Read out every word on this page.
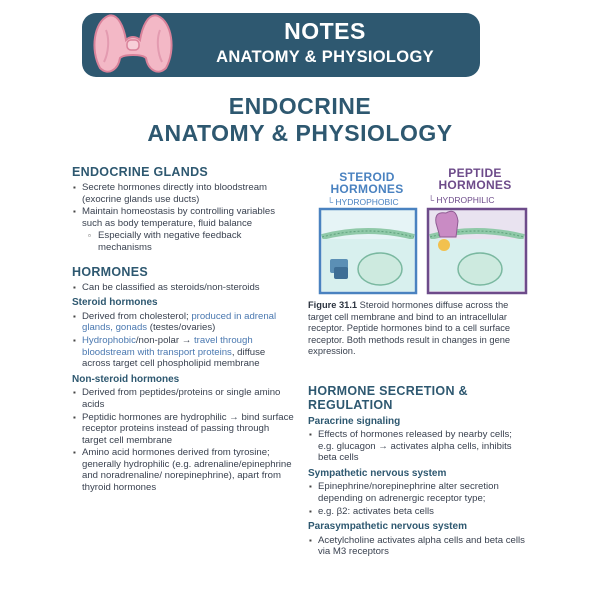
NOTES
ANATOMY & PHYSIOLOGY
ENDOCRINE
ANATOMY & PHYSIOLOGY
ENDOCRINE GLANDS
▪ Secrete hormones directly into bloodstream (exocrine glands use ducts)
▪ Maintain homeostasis by controlling variables such as body temperature, fluid balance
▫ Especially with negative feedback mechanisms
HORMONES
▪ Can be classified as steroids/non-steroids
Steroid hormones
▪ Derived from cholesterol; produced in adrenal glands, gonads (testes/ovaries)
▪ Hydrophobic/non-polar → travel through bloodstream with transport proteins, diffuse across target cell phospholipid membrane
Non-steroid hormones
▪ Derived from peptides/proteins or single amino acids
▪ Peptidic hormones are hydrophilic → bind surface receptor proteins instead of passing through target cell membrane
▪ Amino acid hormones derived from tyrosine; generally hydrophilic (e.g. adrenaline/epinephrine and noradrenaline/ norepinephrine), apart from thyroid hormones
STEROID HORMONES
└ HYDROPHOBIC
PEPTIDE HORMONES
└ HYDROPHILIC

Figure 31.1 Steroid hormones diffuse across the target cell membrane and bind to an intracellular receptor. Peptide hormones bind to a cell surface receptor. Both methods result in changes in gene expression.

HORMONE SECRETION & REGULATION
Paracrine signaling
▪ Effects of hormones released by nearby cells; e.g. glucagon → activates alpha cells, inhibits beta cells
Sympathetic nervous system
▪ Epinephrine/norepinephrine alter secretion depending on adrenergic receptor type;
▪ e.g. β2: activates beta cells
Parasympathetic nervous system
▪ Acetylcholine activates alpha cells and beta cells via M3 receptors
